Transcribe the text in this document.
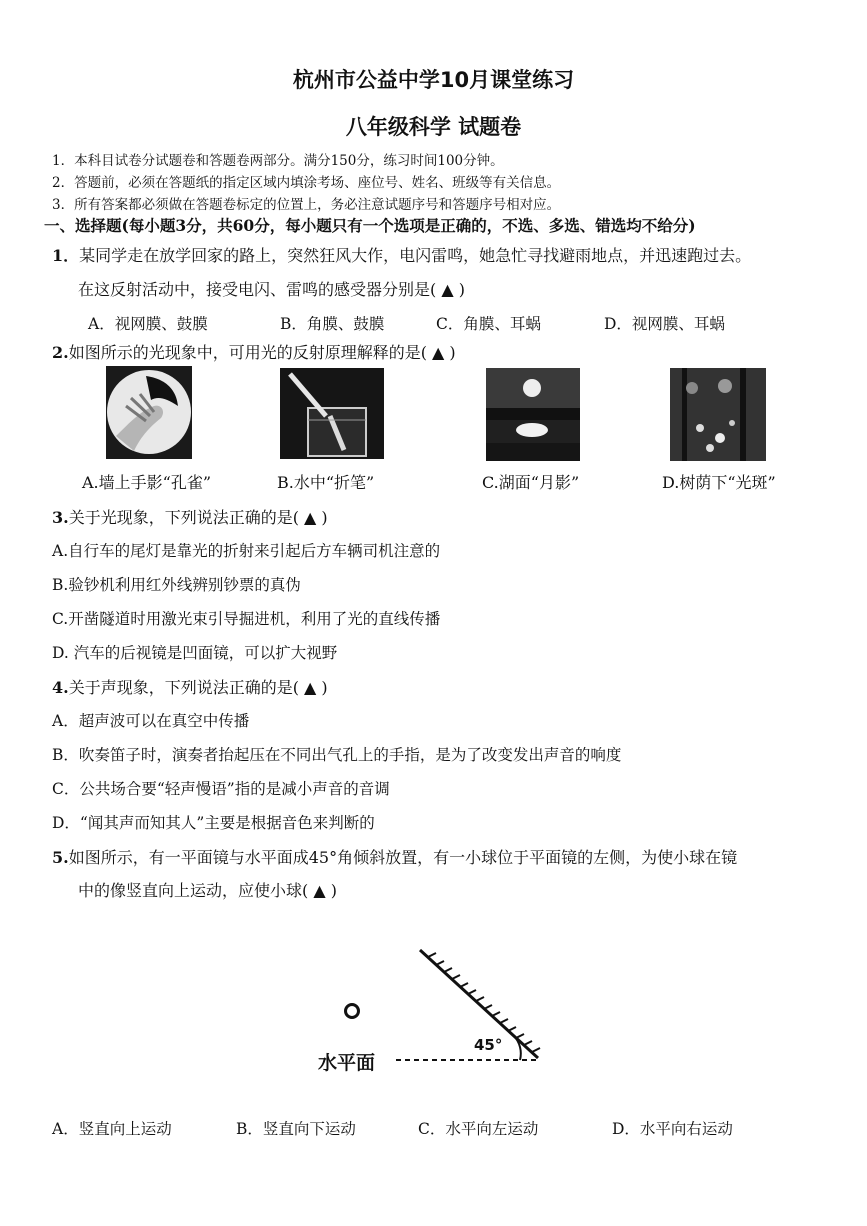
杭州市公益中学10月课堂练习
八年级科学 试题卷
1．本科目试卷分试题卷和答题卷两部分。满分150分，练习时间100分钟。
2．答题前，必须在答题纸的指定区域内填涂考场、座位号、姓名、班级等有关信息。
3．所有答案都必须做在答题卷标定的位置上，务必注意试题序号和答题序号相对应。
一、选择题(每小题3分，共60分，每小题只有一个选项是正确的，不选、多选、错选均不给分)
1．某同学走在放学回家的路上，突然狂风大作，电闪雷鸣，她急忙寻找避雨地点，并迅速跑过去。
在这反射活动中，接受电闪、雷鸣的感受器分别是( ▲ )
A．视网膜、鼓膜	B．角膜、鼓膜	C．角膜、耳蜗	D．视网膜、耳蜗
2.如图所示的光现象中，可用光的反射原理解释的是( ▲ )
A.墙上手影“孔雀”	B.水中“折笔”	C.湖面“月影”	D.树荫下“光斑”
3.关于光现象，下列说法正确的是( ▲ )
A.自行车的尾灯是靠光的折射来引起后方车辆司机注意的
B.验钞机利用红外线辨别钞票的真伪
C.开凿隧道时用激光束引导掘进机，利用了光的直线传播
D. 汽车的后视镜是凹面镜，可以扩大视野
4.关于声现象，下列说法正确的是( ▲ )
A．超声波可以在真空中传播
B．吹奏笛子时，演奏者抬起压在不同出气孔上的手指，是为了改变发出声音的响度
C．公共场合要“轻声慢语”指的是减小声音的音调
D．“闻其声而知其人”主要是根据音色来判断的
5.如图所示，有一平面镜与水平面成45°角倾斜放置，有一小球位于平面镜的左侧，为使小球在镜
中的像竖直向上运动，应使小球( ▲ )
45°
水平面
A．竖直向上运动	B．竖直向下运动	C．水平向左运动	D．水平向右运动
